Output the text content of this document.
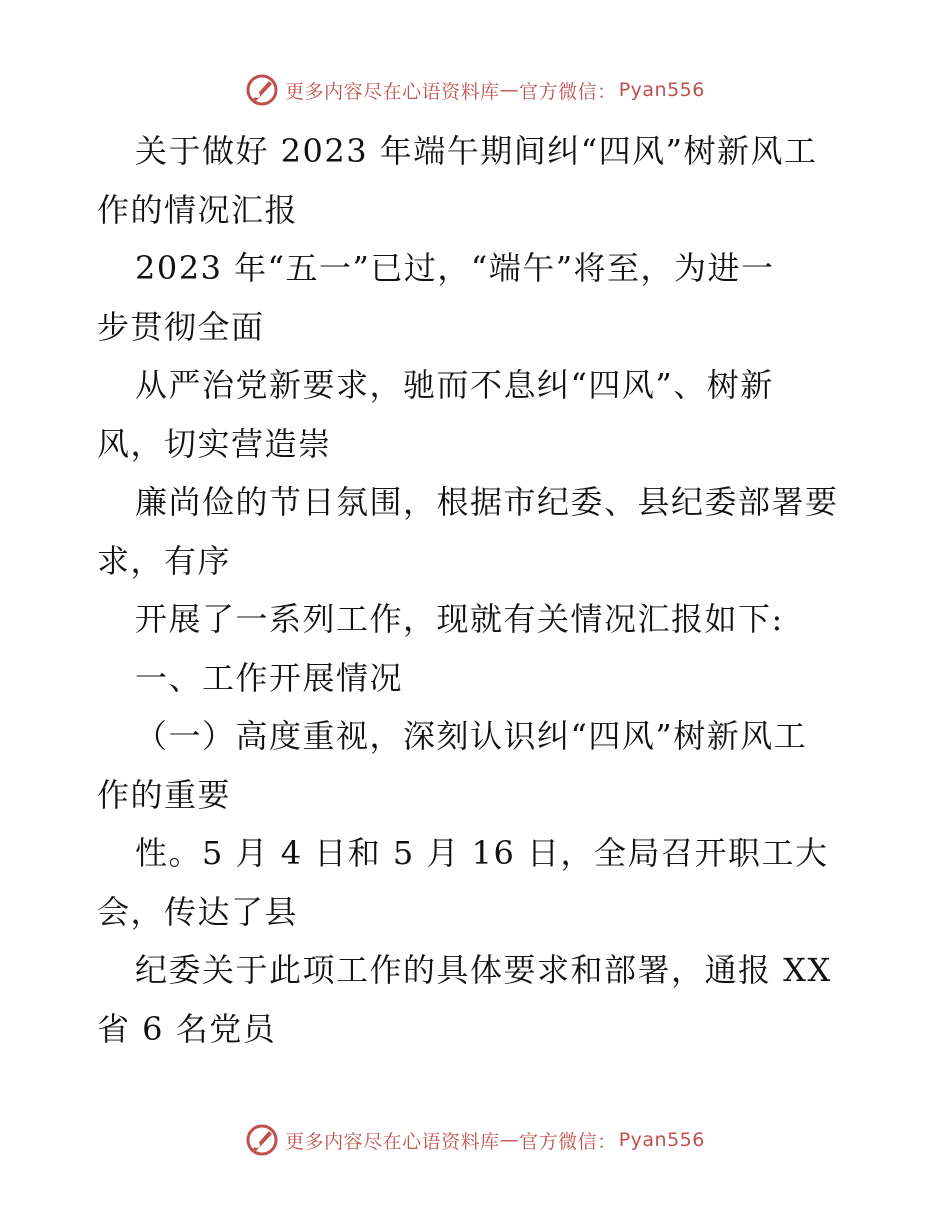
更多内容尽在心语资料库 — 官方微信： Pyan556
关于做好 2023 年端午期间纠“四风”树新风工
作的情况汇报
2023 年“五一”已过，“端午”将至，为进一
步贯彻全面
从严治党新要求，驰而不息纠“四风”、树新
风，切实营造崇
廉尚俭的节日氛围，根据市纪委、县纪委部署要
求，有序
开展了一系列工作，现就有关情况汇报如下:
一、工作开展情况
（一）高度重视，深刻认识纠“四风”树新风工
作的重要
性。5 月 4 日和 5 月 16 日，全局召开职工大
会，传达了县
纪委关于此项工作的具体要求和部署，通报 XX
省 6 名党员
更多内容尽在心语资料库 — 官方微信： Pyan556
